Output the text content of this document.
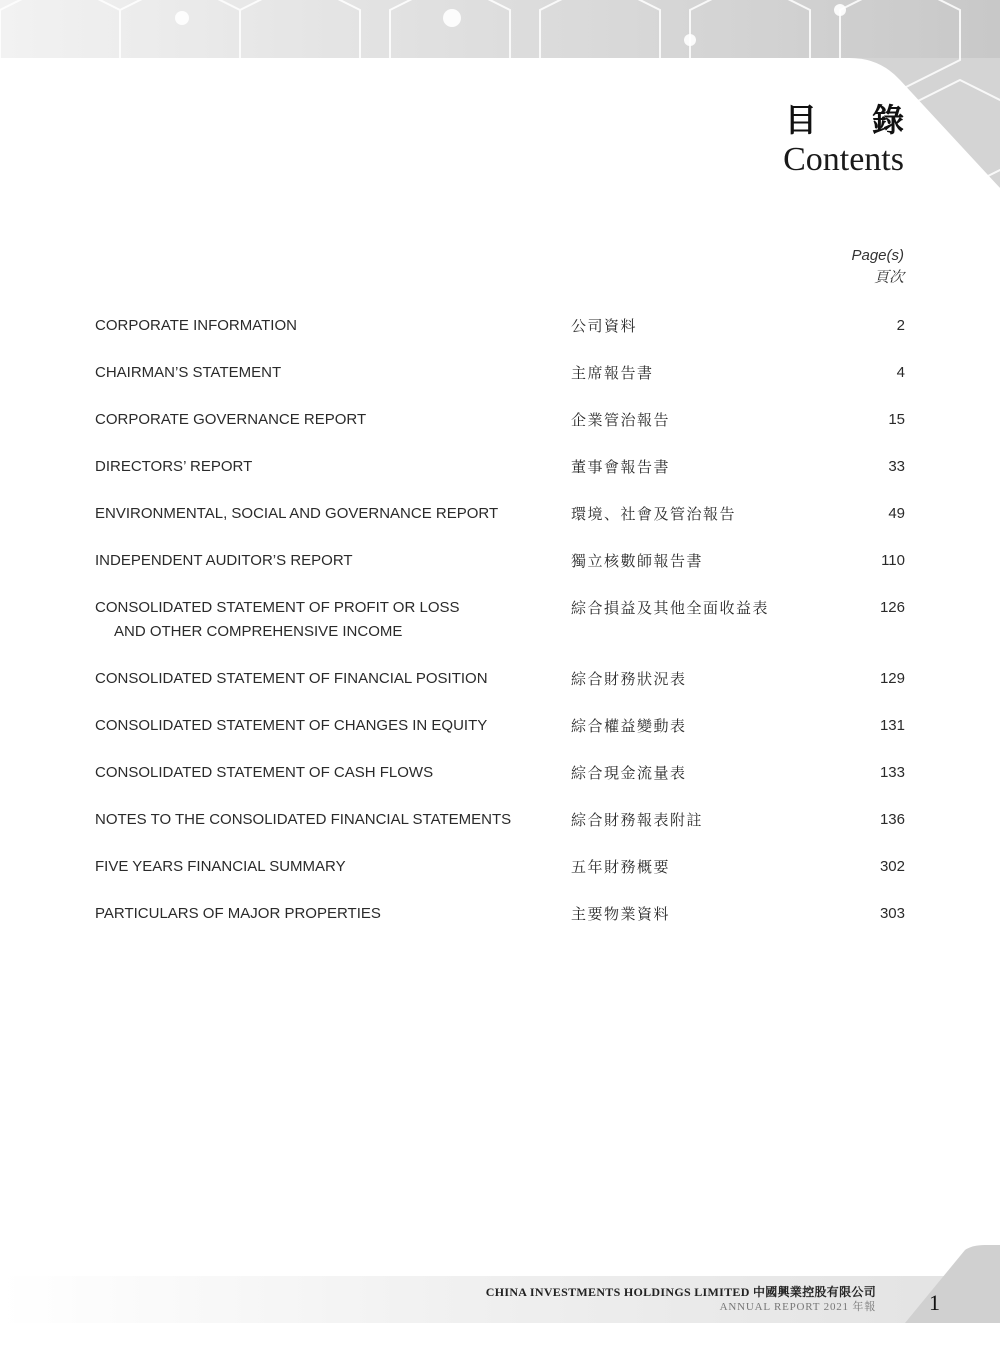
目 錄
Contents
Page(s)
頁次
CORPORATE INFORMATION	公司資料	2
CHAIRMAN’S STATEMENT	主席報告書	4
CORPORATE GOVERNANCE REPORT	企業管治報告	15
DIRECTORS’ REPORT	董事會報告書	33
ENVIRONMENTAL, SOCIAL AND GOVERNANCE REPORT	環境、社會及管治報告	49
INDEPENDENT AUDITOR’S REPORT	獨立核數師報告書	110
CONSOLIDATED STATEMENT OF PROFIT OR LOSS
AND OTHER COMPREHENSIVE INCOME
綜合損益及其他全面收益表	126
CONSOLIDATED STATEMENT OF FINANCIAL POSITION	綜合財務狀況表	129
CONSOLIDATED STATEMENT OF CHANGES IN EQUITY	綜合權益變動表	131
CONSOLIDATED STATEMENT OF CASH FLOWS	綜合現金流量表	133
NOTES TO THE CONSOLIDATED FINANCIAL STATEMENTS	綜合財務報表附註	136
FIVE YEARS FINANCIAL SUMMARY	五年財務概要	302
PARTICULARS OF MAJOR PROPERTIES	主要物業資料	303
CHINA INVESTMENTS HOLDINGS LIMITED 中國興業控股有限公司
ANNUAL REPORT 2021 年報 1
